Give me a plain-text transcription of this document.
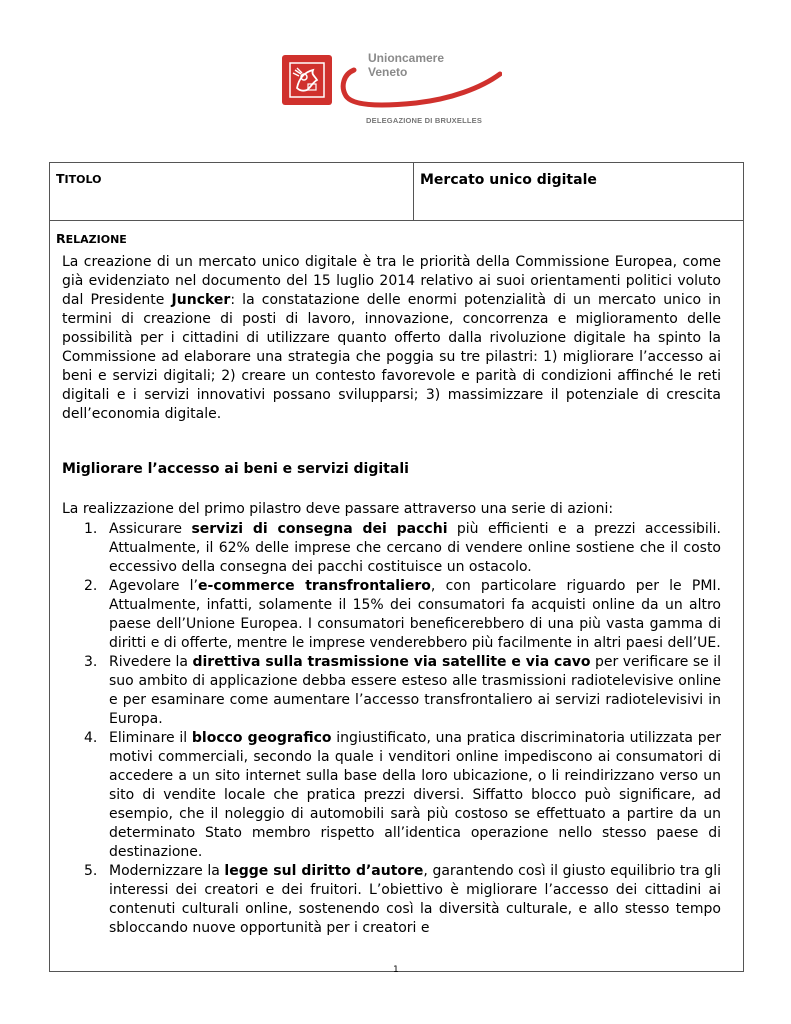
Unioncamere
Veneto
DELEGAZIONE DI BRUXELLES
TITOLO	Mercato unico digitale
RELAZIONE

La creazione di un mercato unico digitale è tra le priorità della Commissione Europea, come già evidenziato nel documento del 15 luglio 2014 relativo ai suoi orientamenti politici voluto dal Presidente Juncker: la constatazione delle enormi potenzialità di un mercato unico in termini di creazione di posti di lavoro, innovazione, concorrenza e miglioramento delle possibilità per i cittadini di utilizzare quanto offerto dalla rivoluzione digitale ha spinto la Commissione ad elaborare una strategia che poggia su tre pilastri: 1) migliorare l’accesso ai beni e servizi digitali; 2) creare un contesto favorevole e parità di condizioni affinché le reti digitali e i servizi innovativi possano svilupparsi; 3) massimizzare il potenziale di crescita dell’economia digitale.

Migliorare l’accesso ai beni e servizi digitali
La realizzazione del primo pilastro deve passare attraverso una serie di azioni:
1. Assicurare servizi di consegna dei pacchi più efficienti e a prezzi accessibili. Attualmente, il 62% delle imprese che cercano di vendere online sostiene che il costo eccessivo della consegna dei pacchi costituisce un ostacolo.
2. Agevolare l’e-commerce transfrontaliero, con particolare riguardo per le PMI. Attualmente, infatti, solamente il 15% dei consumatori fa acquisti online da un altro paese dell’Unione Europea. I consumatori beneficerebbero di una più vasta gamma di diritti e di offerte, mentre le imprese venderebbero più facilmente in altri paesi dell’UE.
3. Rivedere la direttiva sulla trasmissione via satellite e via cavo per verificare se il suo ambito di applicazione debba essere esteso alle trasmissioni radiotelevisive online e per esaminare come aumentare l’accesso transfrontaliero ai servizi radiotelevisivi in Europa.
4. Eliminare il blocco geografico ingiustificato, una pratica discriminatoria utilizzata per motivi commerciali, secondo la quale i venditori online impediscono ai consumatori di accedere a un sito internet sulla base della loro ubicazione, o li reindirizzano verso un sito di vendite locale che pratica prezzi diversi. Siffatto blocco può significare, ad esempio, che il noleggio di automobili sarà più costoso se effettuato a partire da un determinato Stato membro rispetto all’identica operazione nello stesso paese di destinazione.
5. Modernizzare la legge sul diritto d’autore, garantendo così il giusto equilibrio tra gli interessi dei creatori e dei fruitori. L’obiettivo è migliorare l’accesso dei cittadini ai contenuti culturali online, sostenendo così la diversità culturale, e allo stesso tempo sbloccando nuove opportunità per i creatori e
1
